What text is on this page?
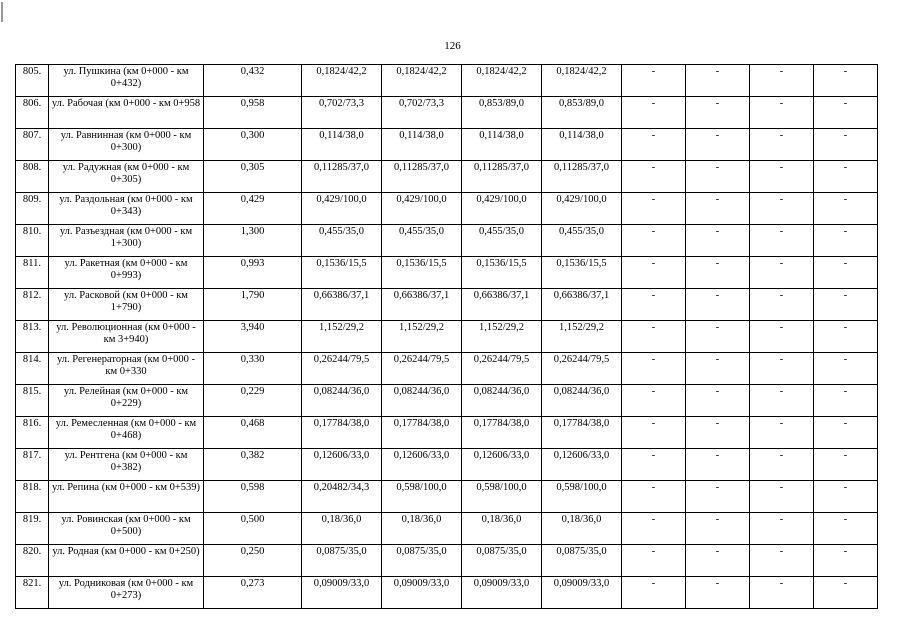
126
805.	ул. Пушкина (км 0+000 - км 0+432)	0,432	0,1824/42,2	0,1824/42,2	0,1824/42,2	0,1824/42,2	-	-	-	-
806.	ул. Рабочая (км 0+000 - км 0+958	0,958	0,702/73,3	0,702/73,3	0,853/89,0	0,853/89,0	-	-	-	-
807.	ул. Равнинная (км 0+000 - км 0+300)	0,300	0,114/38,0	0,114/38,0	0,114/38,0	0,114/38,0	-	-	-	-
808.	ул. Радужная (км 0+000 - км 0+305)	0,305	0,11285/37,0	0,11285/37,0	0,11285/37,0	0,11285/37,0	-	-	-	-
809.	ул. Раздольная (км 0+000 - км 0+343)	0,429	0,429/100,0	0,429/100,0	0,429/100,0	0,429/100,0	-	-	-	-
810.	ул. Разъездная (км 0+000 - км 1+300)	1,300	0,455/35,0	0,455/35,0	0,455/35,0	0,455/35,0	-	-	-	-
811.	ул. Ракетная (км 0+000 - км 0+993)	0,993	0,1536/15,5	0,1536/15,5	0,1536/15,5	0,1536/15,5	-	-	-	-
812.	ул. Расковой (км 0+000 - км 1+790)	1,790	0,66386/37,1	0,66386/37,1	0,66386/37,1	0,66386/37,1	-	-	-	-
813.	ул. Революционная (км 0+000 - км 3+940)	3,940	1,152/29,2	1,152/29,2	1,152/29,2	1,152/29,2	-	-	-	-
814.	ул. Регенераторная (км 0+000 - км 0+330	0,330	0,26244/79,5	0,26244/79,5	0,26244/79,5	0,26244/79,5	-	-	-	-
815.	ул. Релейная (км 0+000 - км 0+229)	0,229	0,08244/36,0	0,08244/36,0	0,08244/36,0	0,08244/36,0	-	-	-	-
816.	ул. Ремесленная (км 0+000 - км 0+468)	0,468	0,17784/38,0	0,17784/38,0	0,17784/38,0	0,17784/38,0	-	-	-	-
817.	ул. Рентгена (км 0+000 - км 0+382)	0,382	0,12606/33,0	0,12606/33,0	0,12606/33,0	0,12606/33,0	-	-	-	-
818.	ул. Репина (км 0+000 - км 0+539)	0,598	0,20482/34,3	0,598/100,0	0,598/100,0	0,598/100,0	-	-	-	-
819.	ул. Ровинская (км 0+000 - км 0+500)	0,500	0,18/36,0	0,18/36,0	0,18/36,0	0,18/36,0	-	-	-	-
820.	ул. Родная (км 0+000 - км 0+250)	0,250	0,0875/35,0	0,0875/35,0	0,0875/35,0	0,0875/35,0	-	-	-	-
821.	ул. Родниковая (км 0+000 - км 0+273)	0,273	0,09009/33,0	0,09009/33,0	0,09009/33,0	0,09009/33,0	-	-	-	-
